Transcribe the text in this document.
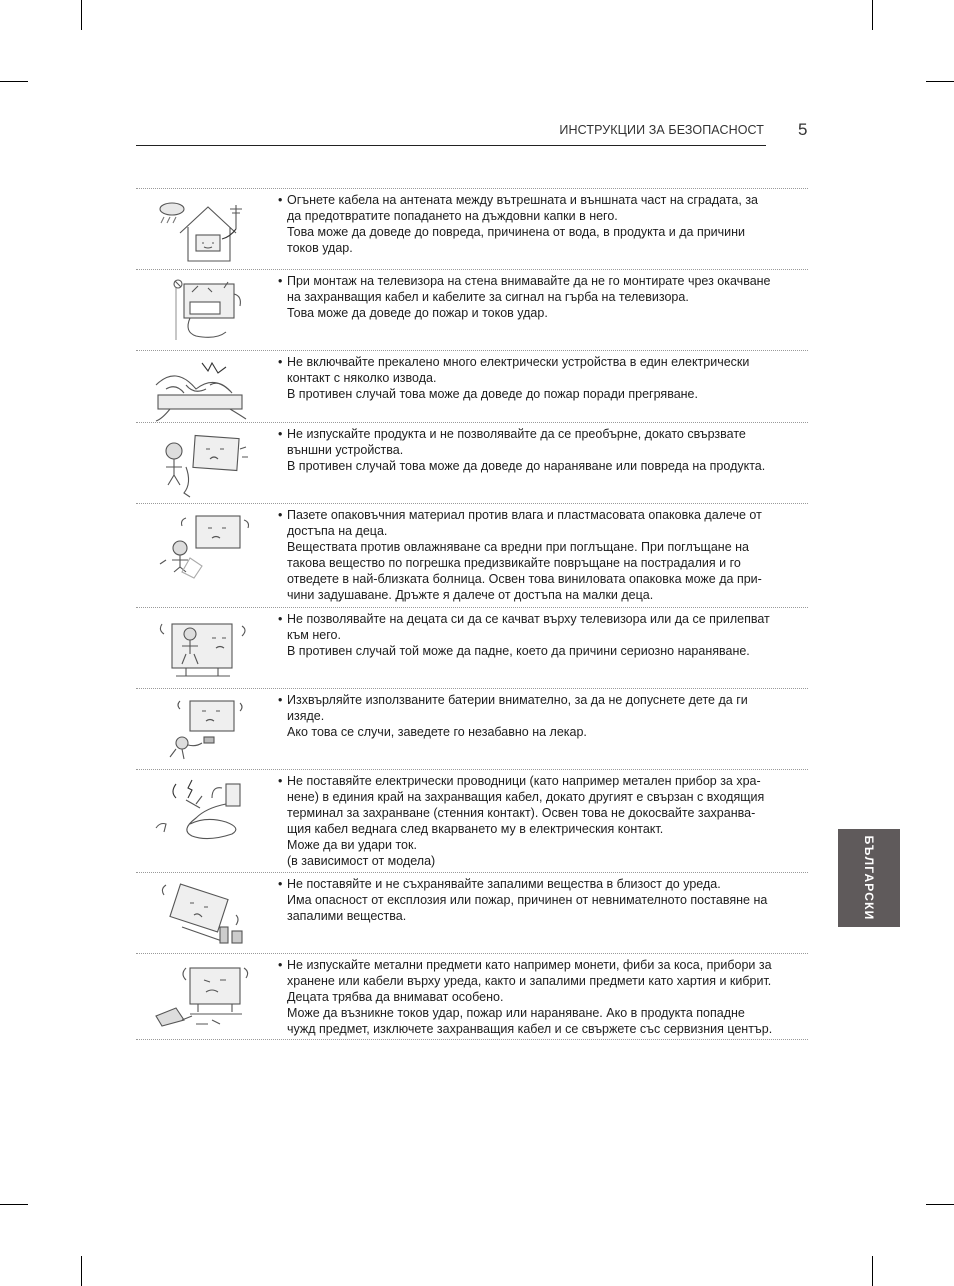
ИНСТРУКЦИИ ЗА БЕЗОПАСНОСТ 5
БЪЛГАРСКИ
• Огънете кабела на антената между вътрешната и външната част на сградата, за
да предотвратите попадането на дъждовни капки в него.
Това може да доведе до повреда, причинена от вода, в продукта и да причини
токов удар.
• При монтаж на телевизора на стена внимавайте да не го монтирате чрез окачване
на захранващия кабел и кабелите за сигнал на гърба на телевизора.
Това може да доведе до пожар и токов удар.
• Не включвайте прекалено много електрически устройства в един електрически
контакт с няколко извода.
В противен случай това може да доведе до пожар поради прегряване.
• Не изпускайте продукта и не позволявайте да се преобърне, докато свързвате
външни устройства.
В противен случай това може да доведе до нараняване или повреда на продукта.
• Пазете опаковъчния материал против влага и пластмасовата опаковка далече от
достъпа на деца.
Веществата против овлажняване са вредни при поглъщане. При поглъщане на
такова вещество по погрешка предизвикайте повръщане на пострадалия и го
отведете в най-близката болница. Освен това виниловата опаковка може да при-
чини задушаване. Дръжте я далече от достъпа на малки деца.
• Не позволявайте на децата си да се качват върху телевизора или да се прилепват
към него.
В противен случай той може да падне, което да причини сериозно нараняване.
• Изхвърляйте използваните батерии внимателно, за да не допуснете дете да ги
изяде.
Ако това се случи, заведете го незабавно на лекар.
• Не поставяйте електрически проводници (като например метален прибор за хра-
нене) в единия край на захранващия кабел, докато другият е свързан с входящия
терминал за захранване (стенния контакт). Освен това не докосвайте захранва-
щия кабел веднага след вкарването му в електрическия контакт.
Може да ви удари ток.
(в зависимост от модела)
• Не поставяйте и не съхранявайте запалими вещества в близост до уреда.
Има опасност от експлозия или пожар, причинен от невнимателното поставяне на
запалими вещества.
• Не изпускайте метални предмети като например монети, фиби за коса, прибори за
хранене или кабели върху уреда, както и запалими предмети като хартия и кибрит.
Децата трябва да внимават особено.
Може да възникне токов удар, пожар или нараняване. Ако в продукта попадне
чужд предмет, изключете захранващия кабел и се свържете със сервизния център.
